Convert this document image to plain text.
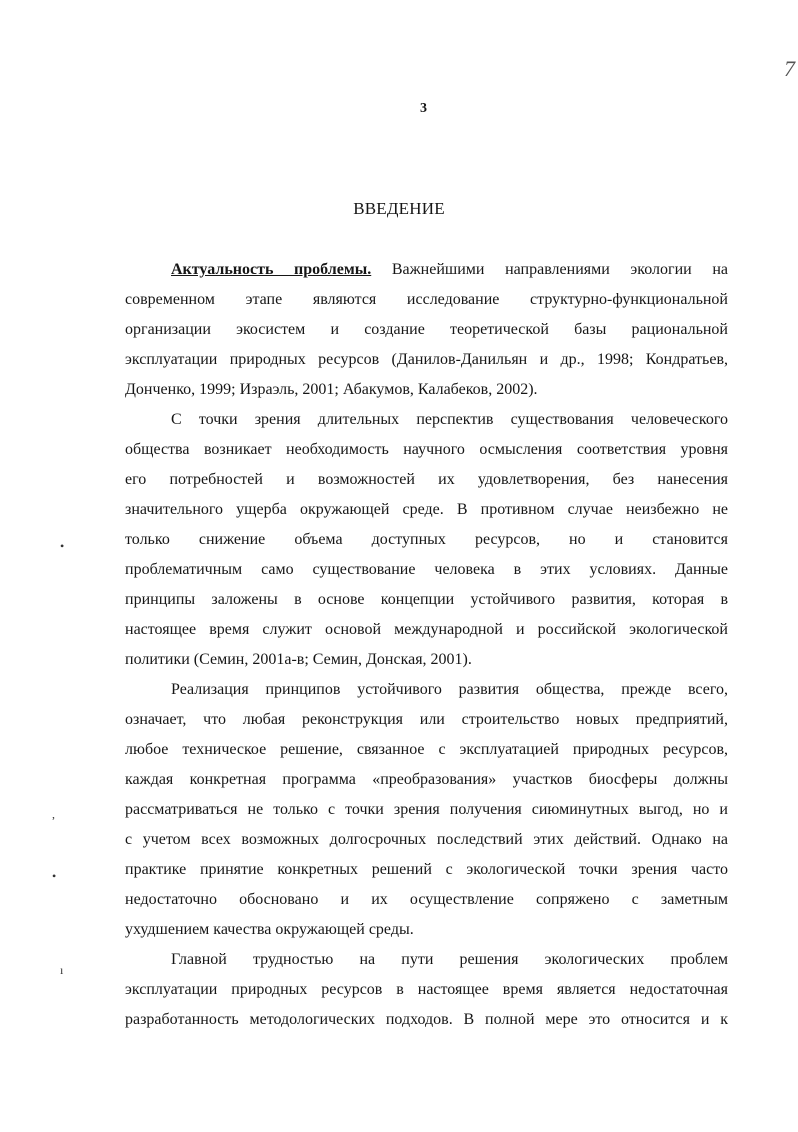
7
3
ВВЕДЕНИЕ
•
,
•
ı
Актуальность проблемы. Важнейшими направлениями экологии на
современном этапе являются исследование структурно-функциональной
организации экосистем и создание теоретической базы рациональной
эксплуатации природных ресурсов (Данилов-Данильян и др., 1998; Кондратьев,
Донченко, 1999; Израэль, 2001; Абакумов, Калабеков, 2002).
С точки зрения длительных перспектив существования человеческого
общества возникает необходимость научного осмысления соответствия уровня
его потребностей и возможностей их удовлетворения, без нанесения
значительного ущерба окружающей среде. В противном случае неизбежно не
только снижение объема доступных ресурсов, но и становится
проблематичным само существование человека в этих условиях. Данные
принципы заложены в основе концепции устойчивого развития, которая в
настоящее время служит основой международной и российской экологической
политики (Семин, 2001а-в; Семин, Донская, 2001).
Реализация принципов устойчивого развития общества, прежде всего,
означает, что любая реконструкция или строительство новых предприятий,
любое техническое решение, связанное с эксплуатацией природных ресурсов,
каждая конкретная программа «преобразования» участков биосферы должны
рассматриваться не только с точки зрения получения сиюминутных выгод, но и
с учетом всех возможных долгосрочных последствий этих действий. Однако на
практике принятие конкретных решений с экологической точки зрения часто
недостаточно обосновано и их осуществление сопряжено с заметным
ухудшением качества окружающей среды.
Главной трудностью на пути решения экологических проблем
эксплуатации природных ресурсов в настоящее время является недостаточная
разработанность методологических подходов. В полной мере это относится и к
